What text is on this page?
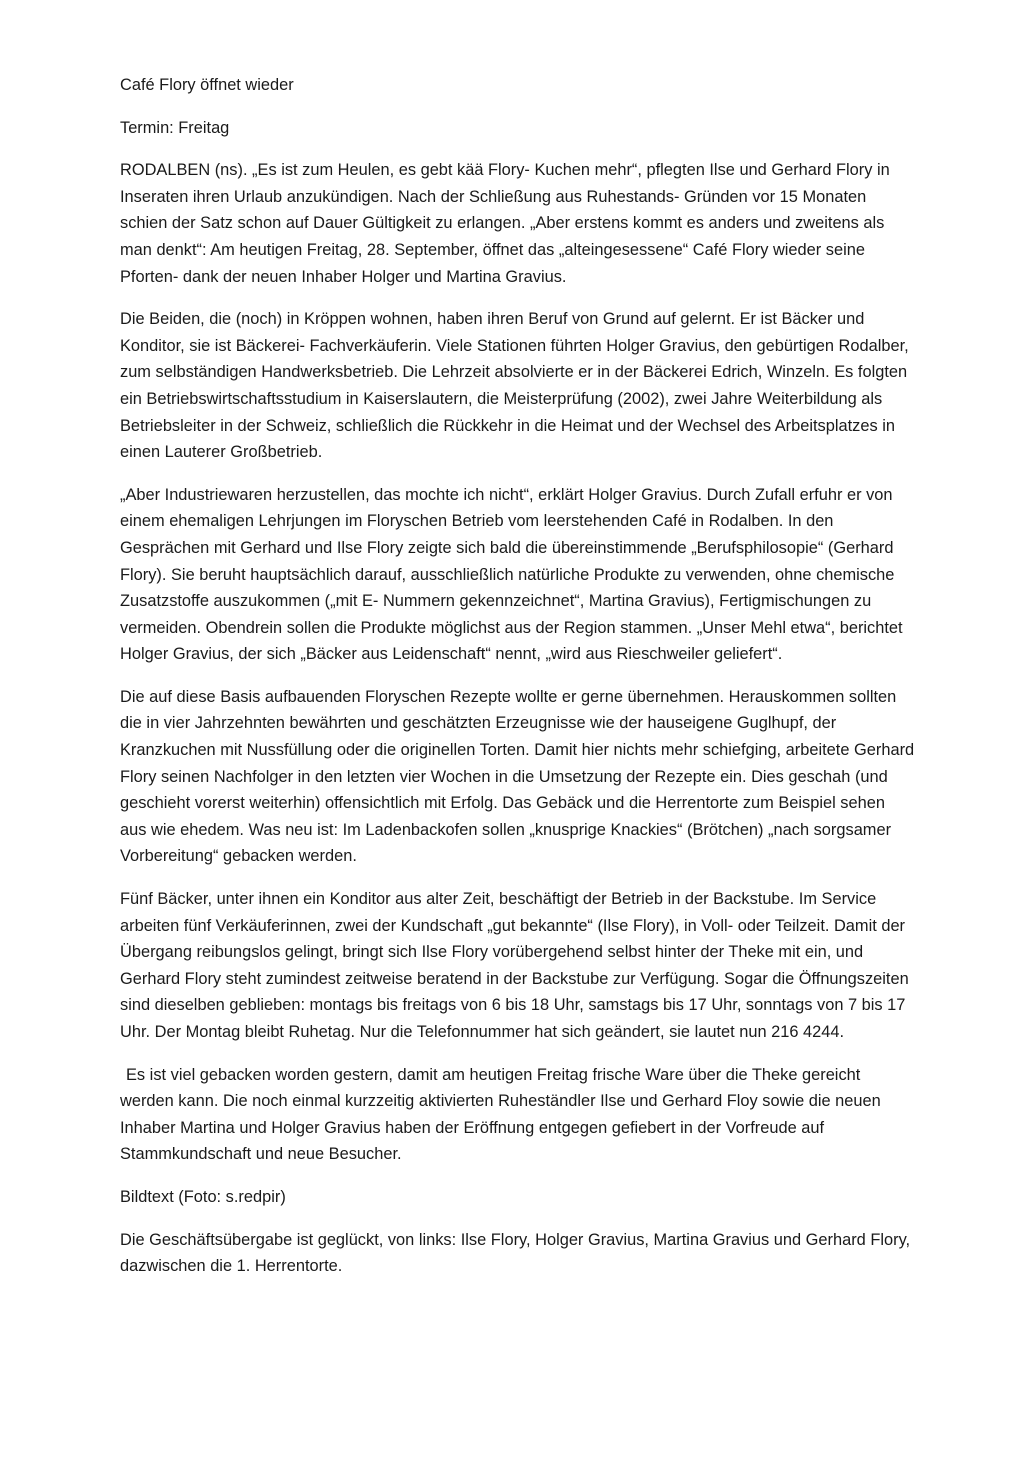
Café Flory öffnet wieder

Termin: Freitag

RODALBEN (ns). „Es ist zum Heulen, es gebt kää Flory- Kuchen mehr“, pflegten Ilse und Gerhard Flory in Inseraten ihren Urlaub anzukündigen. Nach der Schließung aus Ruhestands- Gründen vor 15 Monaten schien der Satz schon auf Dauer Gültigkeit zu erlangen. „Aber erstens kommt es anders und zweitens als man denkt“: Am heutigen Freitag, 28. September, öffnet das „alteingesessene“ Café Flory wieder seine Pforten- dank der neuen Inhaber Holger und Martina Gravius.

Die Beiden, die (noch) in Kröppen wohnen, haben ihren Beruf von Grund auf gelernt. Er ist Bäcker und Konditor, sie ist Bäckerei- Fachverkäuferin. Viele Stationen führten Holger Gravius, den gebürtigen Rodalber, zum selbständigen Handwerksbetrieb. Die Lehrzeit absolvierte er in der Bäckerei Edrich, Winzeln. Es folgten ein Betriebswirtschaftsstudium in Kaiserslautern, die Meisterprüfung (2002), zwei Jahre Weiterbildung als Betriebsleiter in der Schweiz, schließlich die Rückkehr in die Heimat und der Wechsel des Arbeitsplatzes in einen Lauterer Großbetrieb.

„Aber Industriewaren herzustellen, das mochte ich nicht“, erklärt Holger Gravius. Durch Zufall erfuhr er von einem ehemaligen Lehrjungen im Floryschen Betrieb vom leerstehenden Café in Rodalben. In den Gesprächen mit Gerhard und Ilse Flory zeigte sich bald die übereinstimmende „Berufsphilosopie“ (Gerhard Flory). Sie beruht hauptsächlich darauf, ausschließlich natürliche Produkte zu verwenden, ohne chemische Zusatzstoffe auszukommen („mit E- Nummern gekennzeichnet“, Martina Gravius), Fertigmischungen zu vermeiden. Obendrein sollen die Produkte möglichst aus der Region stammen. „Unser Mehl etwa“, berichtet Holger Gravius, der sich „Bäcker aus Leidenschaft“ nennt, „wird aus Rieschweiler geliefert“.

Die auf diese Basis aufbauenden Floryschen Rezepte wollte er gerne übernehmen. Herauskommen sollten die in vier Jahrzehnten bewährten und geschätzten Erzeugnisse wie der hauseigene Guglhupf, der Kranzkuchen mit Nussfüllung oder die originellen Torten. Damit hier nichts mehr schiefging, arbeitete Gerhard Flory seinen Nachfolger in den letzten vier Wochen in die Umsetzung der Rezepte ein. Dies geschah (und geschieht vorerst weiterhin) offensichtlich mit Erfolg. Das Gebäck und die Herrentorte zum Beispiel sehen aus wie ehedem. Was neu ist: Im Ladenbackofen sollen „knusprige Knackies“ (Brötchen) „nach sorgsamer Vorbereitung“ gebacken werden.

Fünf Bäcker, unter ihnen ein Konditor aus alter Zeit, beschäftigt der Betrieb in der Backstube. Im Service arbeiten fünf Verkäuferinnen, zwei der Kundschaft „gut bekannte“ (Ilse Flory), in Voll- oder Teilzeit. Damit der Übergang reibungslos gelingt, bringt sich Ilse Flory vorübergehend selbst hinter der Theke mit ein, und Gerhard Flory steht zumindest zeitweise beratend in der Backstube zur Verfügung. Sogar die Öffnungszeiten sind dieselben geblieben: montags bis freitags von 6 bis 18 Uhr, samstags bis 17 Uhr, sonntags von 7 bis 17 Uhr. Der Montag bleibt Ruhetag. Nur die Telefonnummer hat sich geändert, sie lautet nun 216 4244.

Es ist viel gebacken worden gestern, damit am heutigen Freitag frische Ware über die Theke gereicht werden kann. Die noch einmal kurzzeitig aktivierten Ruheständler Ilse und Gerhard Floy sowie die neuen Inhaber Martina und Holger Gravius haben der Eröffnung entgegen gefiebert in der Vorfreude auf Stammkundschaft und neue Besucher.

Bildtext (Foto: s.redpir)

Die Geschäftsübergabe ist geglückt, von links: Ilse Flory, Holger Gravius, Martina Gravius und Gerhard Flory, dazwischen die 1. Herrentorte.
